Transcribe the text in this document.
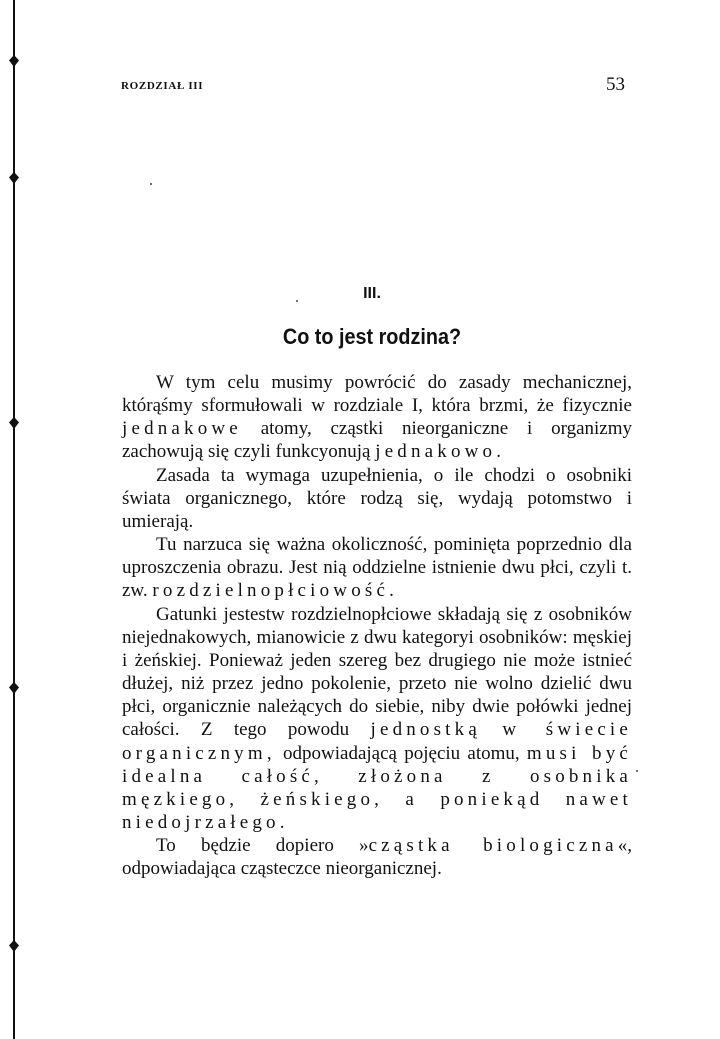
ROZDZIAŁ III	53
III.
Co to jest rodzina?

W tym celu musimy powrócić do zasady mechanicznej, którąśmy sformułowali w rozdziale I, która brzmi, że fizycznie jednakowe atomy, cząstki nieorganiczne i organizmy zachowują się czyli funkcyonują jednakowo.

Zasada ta wymaga uzupełnienia, o ile chodzi o osobniki świata organicznego, które rodzą się, wydają potomstwo i umierają.

Tu narzuca się ważna okoliczność, pominięta poprzednio dla uproszczenia obrazu. Jest nią oddzielne istnienie dwu płci, czyli t. zw. rozdzielnopłciowość.

Gatunki jestestw rozdzielnopłciowe składają się z osobników niejednakowych, mianowicie z dwu kategoryi osobników: męskiej i żeńskiej. Ponieważ jeden szereg bez drugiego nie może istnieć dłużej, niż przez jedno pokolenie, przeto nie wolno dzielić dwu płci, organicznie należących do siebie, niby dwie połówki jednej całości. Z tego powodu jednostką w świecie organicznym, odpowiadającą pojęciu atomu, musi być idealna całość, złożona z osobnika męzkiego, żeńskiego, a poniekąd nawet niedojrzałego.

To będzie dopiero »cząstka biologiczna«, odpowiadająca cząsteczce nieorganicznej.
